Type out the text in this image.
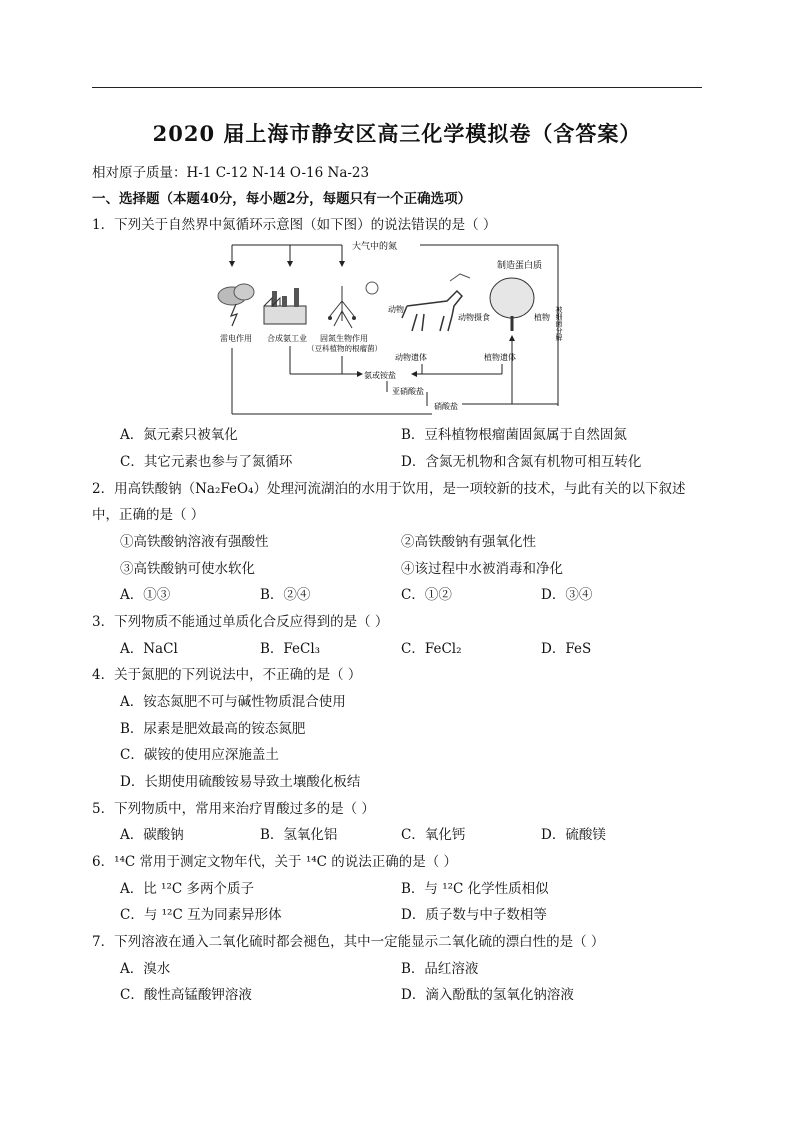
2020 届上海市静安区高三化学模拟卷（含答案）
相对原子质量：H-1 C-12 N-14 O-16 Na-23
一、选择题（本题40分，每小题2分，每题只有一个正确选项）
1．下列关于自然界中氮循环示意图（如下图）的说法错误的是（ ）
大气中的氮
制造蛋白质
雷电作用 合成氨工业 固氮生物作用
（豆科植物的根瘤菌）
动物
动物摄食	植物
动物遗体	植物遗体
被细菌分解
氨或铵盐
亚硝酸盐
硝酸盐
A．氮元素只被氧化	B．豆科植物根瘤菌固氮属于自然固氮
C．其它元素也参与了氮循环	D．含氮无机物和含氮有机物可相互转化
2．用高铁酸钠（Na₂FeO₄）处理河流湖泊的水用于饮用，是一项较新的技术，与此有关的以下叙述
中，正确的是（ ）
①高铁酸钠溶液有强酸性	②高铁酸钠有强氧化性
③高铁酸钠可使水软化	④该过程中水被消毒和净化
A．①③	B．②④	C．①②	D．③④
3．下列物质不能通过单质化合反应得到的是（ ）
A．NaCl	B．FeCl₃	C．FeCl₂	D．FeS
4．关于氮肥的下列说法中，不正确的是（ ）
A．铵态氮肥不可与碱性物质混合使用
B．尿素是肥效最高的铵态氮肥
C．碳铵的使用应深施盖土
D．长期使用硫酸铵易导致土壤酸化板结
5．下列物质中，常用来治疗胃酸过多的是（ ）
A．碳酸钠	B．氢氧化铝	C．氧化钙	D．硫酸镁
6．¹⁴C 常用于测定文物年代，关于 ¹⁴C 的说法正确的是（ ）
A．比 ¹²C 多两个质子	B．与 ¹²C 化学性质相似
C．与 ¹²C 互为同素异形体	D．质子数与中子数相等
7．下列溶液在通入二氧化硫时都会褪色，其中一定能显示二氧化硫的漂白性的是（ ）
A．溴水	B．品红溶液
C．酸性高锰酸钾溶液	D．滴入酚酞的氢氧化钠溶液
